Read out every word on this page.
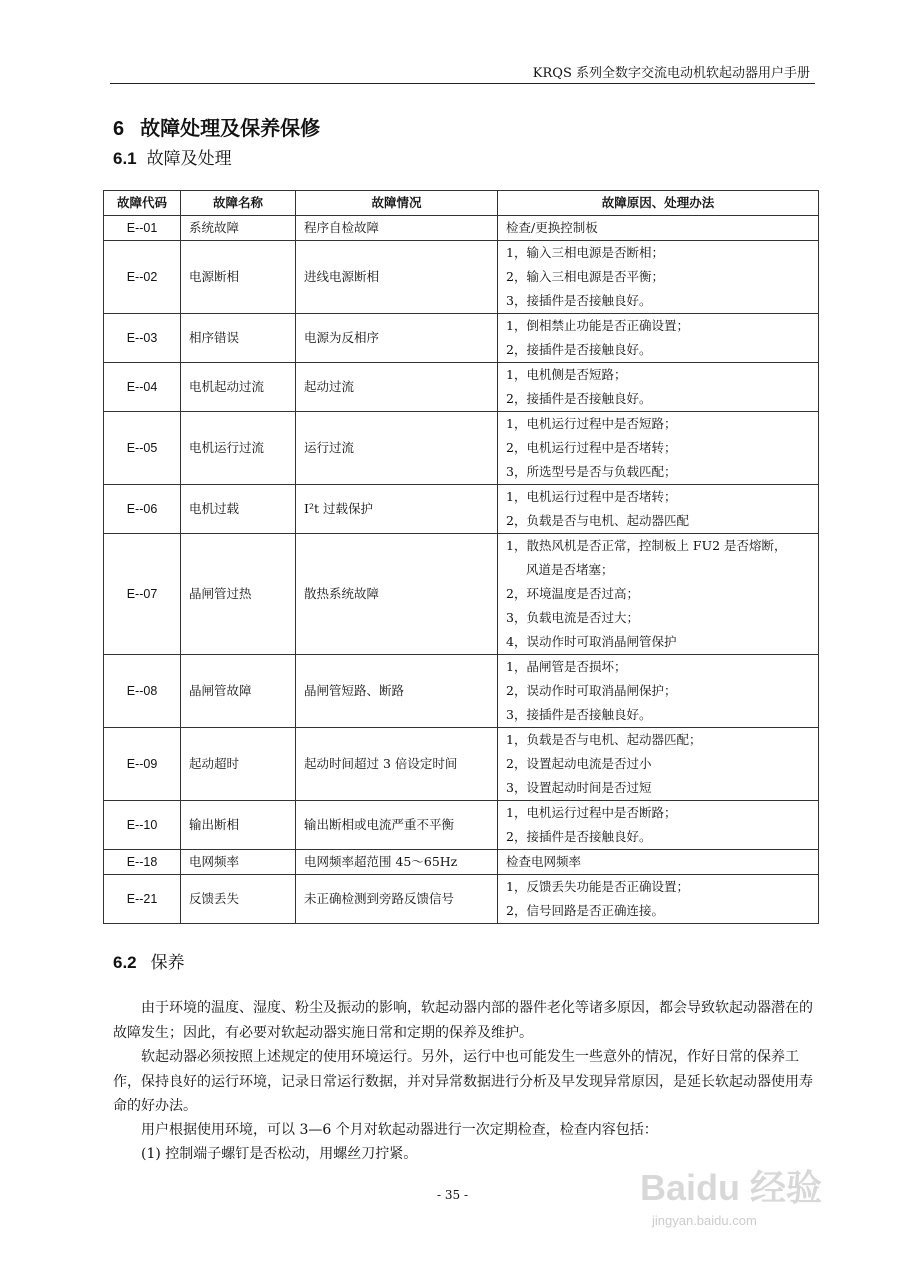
KRQS 系列全数字交流电动机软起动器用户手册
6 故障处理及保养保修
6.1 故障及处理
故障代码	故障名称	故障情况	故障原因、处理办法
E--01	系统故障	程序自检故障	检查/更换控制板

E--02	电源断相	进线电源断相	1，输入三相电源是否断相；
2，输入三相电源是否平衡；
3，接插件是否接触良好。

E--03	相序错误	电源为反相序	1，倒相禁止功能是否正确设置；
2，接插件是否接触良好。

E--04	电机起动过流	起动过流	1，电机侧是否短路；
2，接插件是否接触良好。

E--05	电机运行过流	运行过流	1，电机运行过程中是否短路；
2，电机运行过程中是否堵转；
3，所选型号是否与负载匹配；

E--06	电机过载	I²t 过载保护	1，电机运行过程中是否堵转；
2，负载是否与电机、起动器匹配

E--07	晶闸管过热	散热系统故障	1，散热风机是否正常，控制板上 FU2 是否熔断，
风道是否堵塞；
2，环境温度是否过高；
3，负载电流是否过大；
4，误动作时可取消晶闸管保护

E--08	晶闸管故障	晶闸管短路、断路	1，晶闸管是否损坏；
2，误动作时可取消晶闸保护；
3，接插件是否接触良好。

E--09	起动超时	起动时间超过 3 倍设定时间	1，负载是否与电机、起动器匹配；
2，设置起动电流是否过小
3，设置起动时间是否过短

E--10	输出断相	输出断相或电流严重不平衡	1，电机运行过程中是否断路；
2，接插件是否接触良好。

E--18	电网频率	电网频率超范围 45～65Hz	检查电网频率

E--21	反馈丢失	未正确检测到旁路反馈信号	1，反馈丢失功能是否正确设置；
2，信号回路是否正确连接。
6.2 保养
由于环境的温度、湿度、粉尘及振动的影响，软起动器内部的器件老化等诸多原因，都会导致软起动器潜在的故障发生；因此，有必要对软起动器实施日常和定期的保养及维护。
软起动器必须按照上述规定的使用环境运行。另外，运行中也可能发生一些意外的情况，作好日常的保养工作，保持良好的运行环境，记录日常运行数据，并对异常数据进行分析及早发现异常原因，是延长软起动器使用寿命的好办法。
用户根据使用环境，可以 3—6 个月对软起动器进行一次定期检查，检查内容包括：
(1) 控制端子螺钉是否松动，用螺丝刀拧紧。
- 35 -	Baidu 经验
jingyan.baidu.com
